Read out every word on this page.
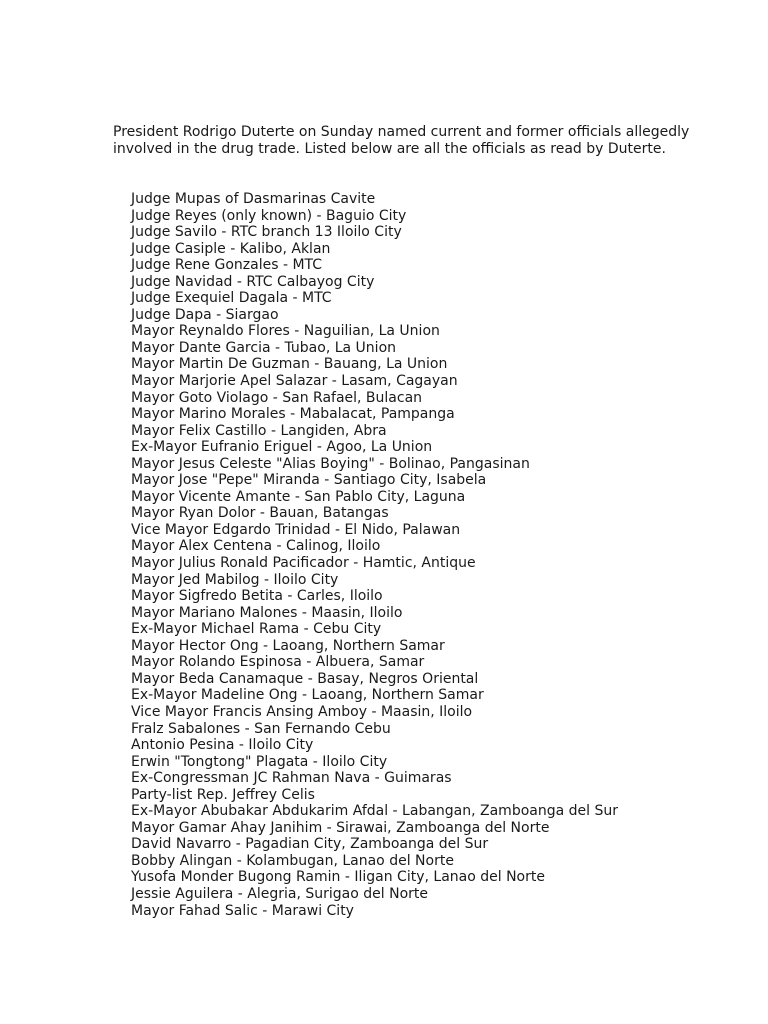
President Rodrigo Duterte on Sunday named current and former officials allegedly involved in the drug trade. Listed below are all the officials as read by Duterte.

Judge Mupas of Dasmarinas Cavite
Judge Reyes (only known) - Baguio City
Judge Savilo - RTC branch 13 Iloilo City
Judge Casiple - Kalibo, Aklan
Judge Rene Gonzales - MTC
Judge Navidad - RTC Calbayog City
Judge Exequiel Dagala - MTC
Judge Dapa - Siargao
Mayor Reynaldo Flores - Naguilian, La Union
Mayor Dante Garcia - Tubao, La Union
Mayor Martin De Guzman - Bauang, La Union
Mayor Marjorie Apel Salazar - Lasam, Cagayan
Mayor Goto Violago - San Rafael, Bulacan
Mayor Marino Morales - Mabalacat, Pampanga
Mayor Felix Castillo - Langiden, Abra
Ex-Mayor Eufranio Eriguel - Agoo, La Union
Mayor Jesus Celeste "Alias Boying" - Bolinao, Pangasinan
Mayor Jose "Pepe" Miranda - Santiago City, Isabela
Mayor Vicente Amante - San Pablo City, Laguna
Mayor Ryan Dolor - Bauan, Batangas
Vice Mayor Edgardo Trinidad - El Nido, Palawan
Mayor Alex Centena - Calinog, Iloilo
Mayor Julius Ronald Pacificador - Hamtic, Antique
Mayor Jed Mabilog - Iloilo City
Mayor Sigfredo Betita - Carles, Iloilo
Mayor Mariano Malones - Maasin, Iloilo
Ex-Mayor Michael Rama - Cebu City
Mayor Hector Ong - Laoang, Northern Samar
Mayor Rolando Espinosa - Albuera, Samar
Mayor Beda Canamaque - Basay, Negros Oriental
Ex-Mayor Madeline Ong - Laoang, Northern Samar
Vice Mayor Francis Ansing Amboy - Maasin, Iloilo
Fralz Sabalones - San Fernando Cebu
Antonio Pesina - Iloilo City
Erwin "Tongtong" Plagata - Iloilo City
Ex-Congressman JC Rahman Nava - Guimaras
Party-list Rep. Jeffrey Celis
Ex-Mayor Abubakar Abdukarim Afdal - Labangan, Zamboanga del Sur
Mayor Gamar Ahay Janihim - Sirawai, Zamboanga del Norte
David Navarro - Pagadian City, Zamboanga del Sur
Bobby Alingan - Kolambugan, Lanao del Norte
Yusofa Monder Bugong Ramin - Iligan City, Lanao del Norte
Jessie Aguilera - Alegria, Surigao del Norte
Mayor Fahad Salic - Marawi City
